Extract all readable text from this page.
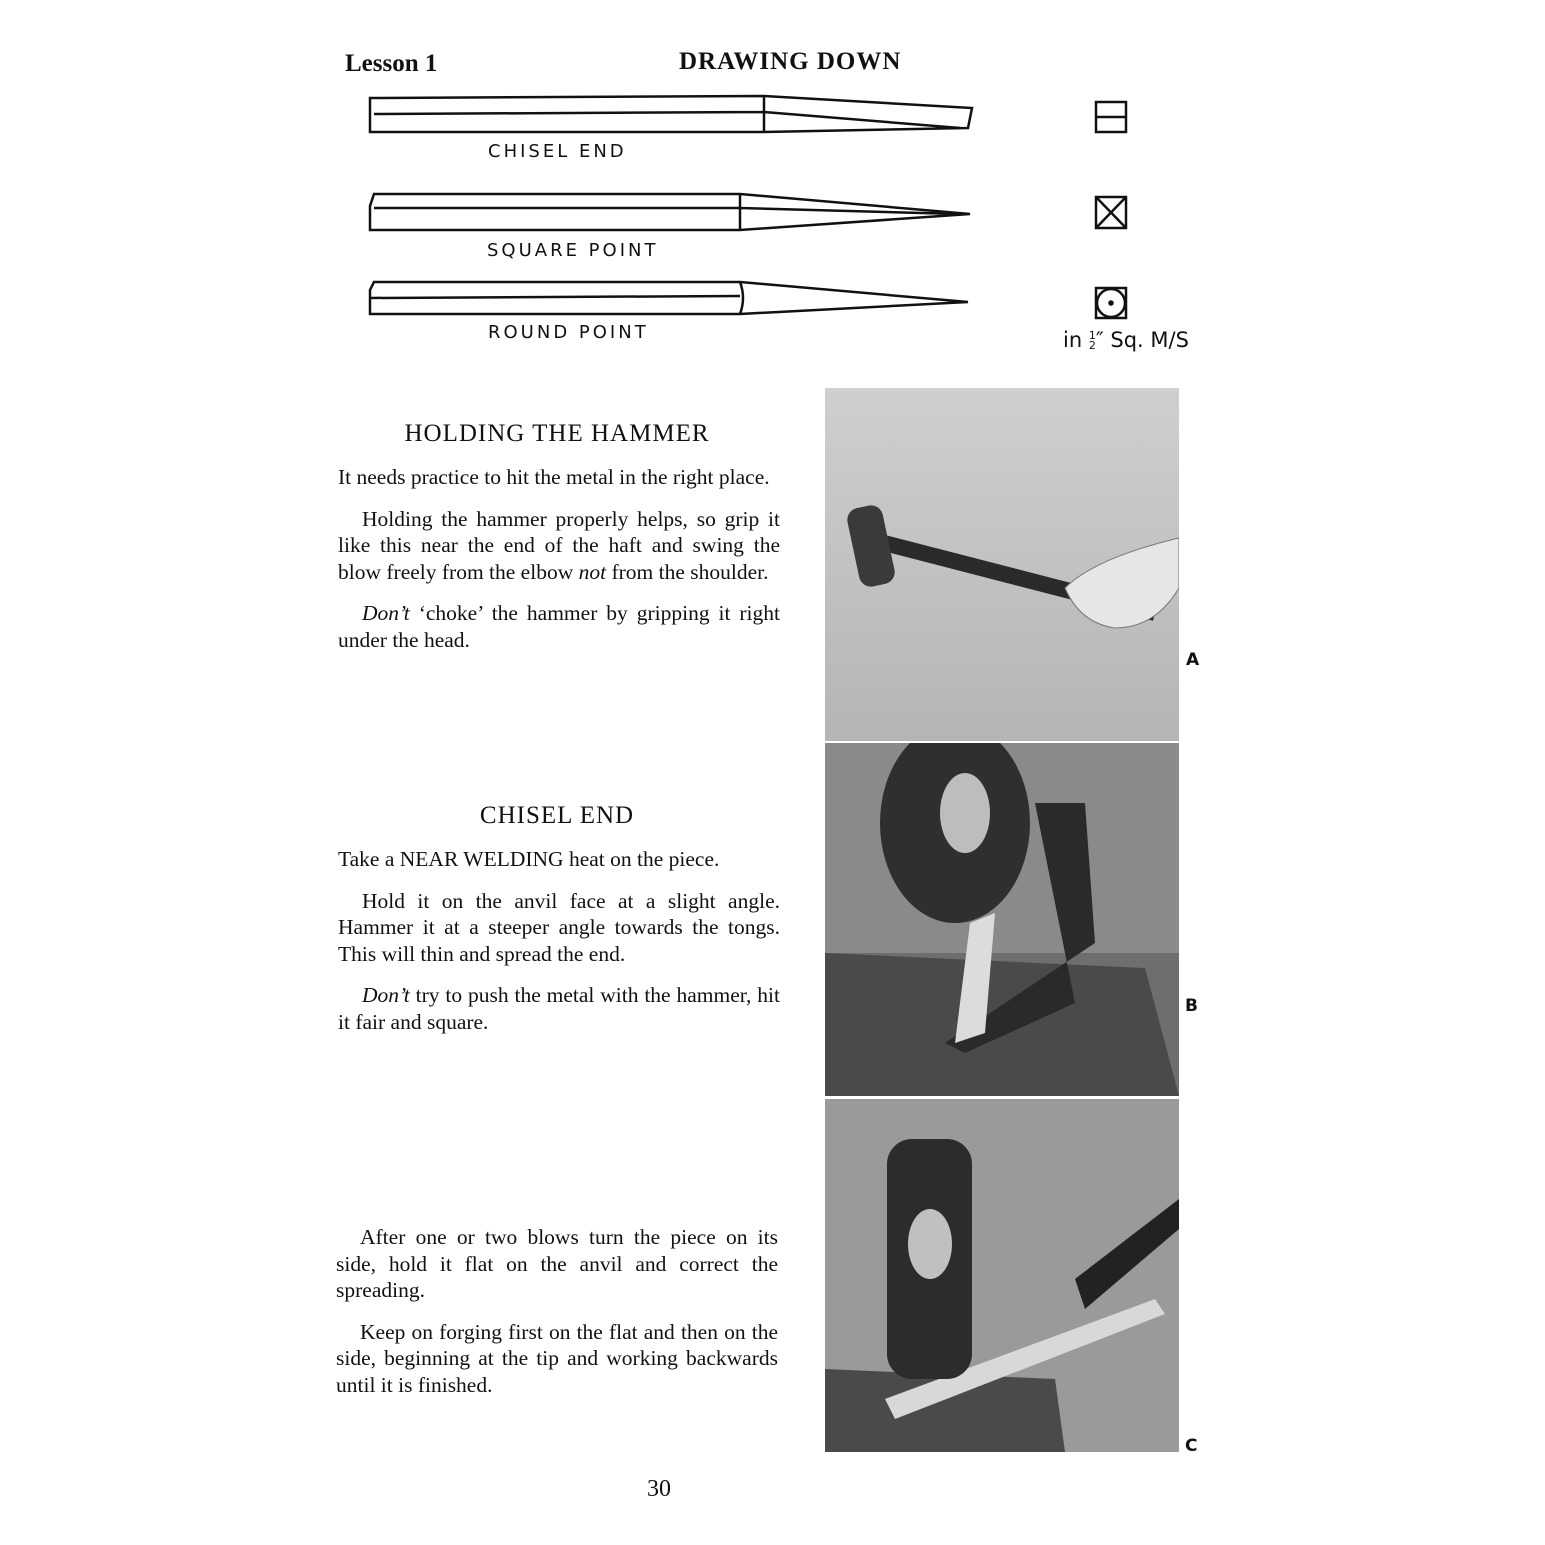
Lesson 1	DRAWING DOWN
CHISEL END
SQUARE POINT
ROUND POINT	in 1
2 ″ Sq. M/S
HOLDING THE HAMMER

It needs practice to hit the metal in the right place.

Holding the hammer properly helps, so grip it like this near the end of the haft and swing the blow freely from the elbow not from the shoulder.

Don’t ‘choke’ the hammer by gripping it right under the head.

CHISEL END

Take a NEAR WELDING heat on the piece.

Hold it on the anvil face at a slight angle. Hammer it at a steeper angle towards the tongs. This will thin and spread the end.

Don’t try to push the metal with the hammer, hit it fair and square.

After one or two blows turn the piece on its side, hold it flat on the anvil and correct the spreading.

Keep on forging first on the flat and then on the side, beginning at the tip and working backwards until it is finished.

A
B
C
30
